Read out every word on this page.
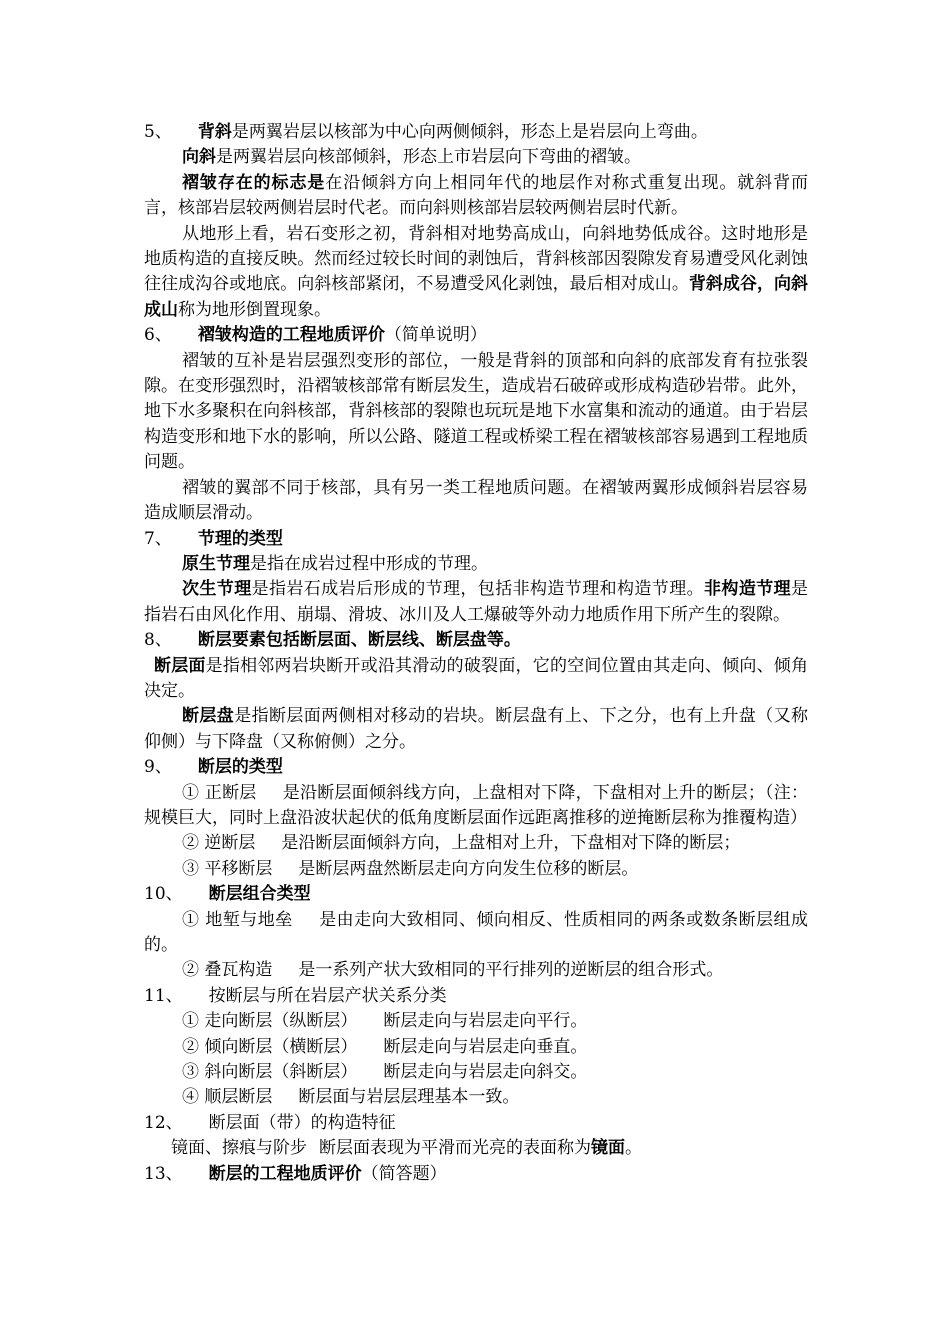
5、 背斜是两翼岩层以核部为中心向两侧倾斜，形态上是岩层向上弯曲。

向斜是两翼岩层向核部倾斜，形态上市岩层向下弯曲的褶皱。

褶皱存在的标志是在沿倾斜方向上相同年代的地层作对称式重复出现。就斜背而言，核部岩层较两侧岩层时代老。而向斜则核部岩层较两侧岩层时代新。

从地形上看，岩石变形之初，背斜相对地势高成山，向斜地势低成谷。这时地形是地质构造的直接反映。然而经过较长时间的剥蚀后，背斜核部因裂隙发育易遭受风化剥蚀往往成沟谷或地底。向斜核部紧闭，不易遭受风化剥蚀，最后相对成山。背斜成谷，向斜成山称为地形倒置现象。

6、 褶皱构造的工程地质评价（简单说明）

褶皱的互补是岩层强烈变形的部位，一般是背斜的顶部和向斜的底部发育有拉张裂隙。在变形强烈时，沿褶皱核部常有断层发生，造成岩石破碎或形成构造砂岩带。此外，地下水多聚积在向斜核部，背斜核部的裂隙也玩玩是地下水富集和流动的通道。由于岩层构造变形和地下水的影响，所以公路、隧道工程或桥梁工程在褶皱核部容易遇到工程地质问题。

褶皱的翼部不同于核部，具有另一类工程地质问题。在褶皱两翼形成倾斜岩层容易造成顺层滑动。

7、 节理的类型

原生节理是指在成岩过程中形成的节理。

次生节理是指岩石成岩后形成的节理，包括非构造节理和构造节理。非构造节理是指岩石由风化作用、崩塌、滑坡、冰川及人工爆破等外动力地质作用下所产生的裂隙。

8、 断层要素包括断层面、断层线、断层盘等。

断层面是指相邻两岩块断开或沿其滑动的破裂面，它的空间位置由其走向、倾向、倾角决定。

断层盘是指断层面两侧相对移动的岩块。断层盘有上、下之分，也有上升盘（又称仰侧）与下降盘（又称俯侧）之分。

9、 断层的类型

① 正断层 是沿断层面倾斜线方向，上盘相对下降，下盘相对上升的断层；（注：规模巨大，同时上盘沿波状起伏的低角度断层面作远距离推移的逆掩断层称为推覆构造）

② 逆断层 是沿断层面倾斜方向，上盘相对上升，下盘相对下降的断层；

③ 平移断层 是断层两盘然断层走向方向发生位移的断层。

10、 断层组合类型

① 地堑与地垒 是由走向大致相同、倾向相反、性质相同的两条或数条断层组成的。

② 叠瓦构造 是一系列产状大致相同的平行排列的逆断层的组合形式。

11、 按断层与所在岩层产状关系分类

① 走向断层（纵断层） 断层走向与岩层走向平行。

② 倾向断层（横断层） 断层走向与岩层走向垂直。

③ 斜向断层（斜断层） 断层走向与岩层走向斜交。

④ 顺层断层 断层面与岩层层理基本一致。

12、 断层面（带）的构造特征

镜面、擦痕与阶步 断层面表现为平滑而光亮的表面称为镜面。

13、 断层的工程地质评价（简答题）
